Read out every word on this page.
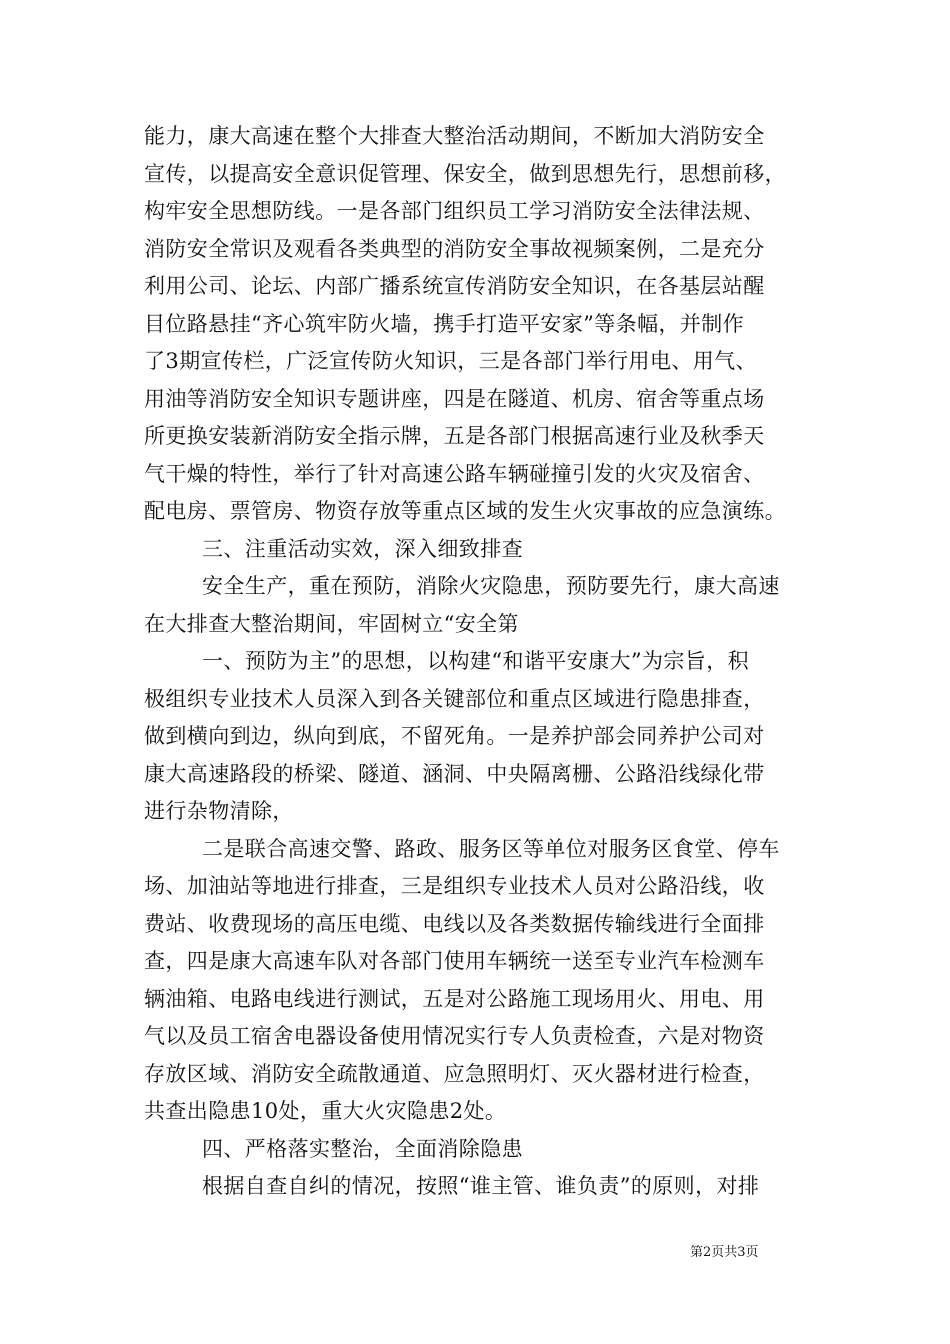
能力，康大高速在整个大排查大整治活动期间，不断加大消防安全
宣传，以提高安全意识促管理、保安全，做到思想先行，思想前移，
构牢安全思想防线。一是各部门组织员工学习消防安全法律法规、
消防安全常识及观看各类典型的消防安全事故视频案例，二是充分
利用公司、论坛、内部广播系统宣传消防安全知识，在各基层站醒
目位路悬挂“齐心筑牢防火墙，携手打造平安家”等条幅，并制作
了3期宣传栏，广泛宣传防火知识，三是各部门举行用电、用气、
用油等消防安全知识专题讲座，四是在隧道、机房、宿舍等重点场
所更换安装新消防安全指示牌，五是各部门根据高速行业及秋季天
气干燥的特性，举行了针对高速公路车辆碰撞引发的火灾及宿舍、
配电房、票管房、物资存放等重点区域的发生火灾事故的应急演练。
三、注重活动实效，深入细致排查
安全生产，重在预防，消除火灾隐患，预防要先行，康大高速
在大排查大整治期间，牢固树立“安全第
一、预防为主”的思想，以构建“和谐平安康大”为宗旨，积
极组织专业技术人员深入到各关键部位和重点区域进行隐患排查，
做到横向到边，纵向到底，不留死角。一是养护部会同养护公司对
康大高速路段的桥梁、隧道、涵洞、中央隔离栅、公路沿线绿化带
进行杂物清除，
二是联合高速交警、路政、服务区等单位对服务区食堂、停车
场、加油站等地进行排查，三是组织专业技术人员对公路沿线，收
费站、收费现场的高压电缆、电线以及各类数据传输线进行全面排
查，四是康大高速车队对各部门使用车辆统一送至专业汽车检测车
辆油箱、电路电线进行测试，五是对公路施工现场用火、用电、用
气以及员工宿舍电器设备使用情况实行专人负责检查，六是对物资
存放区域、消防安全疏散通道、应急照明灯、灭火器材进行检查，
共查出隐患10处，重大火灾隐患2处。
四、严格落实整治，全面消除隐患
根据自查自纠的情况，按照“谁主管、谁负责”的原则，对排
第2页共3页
